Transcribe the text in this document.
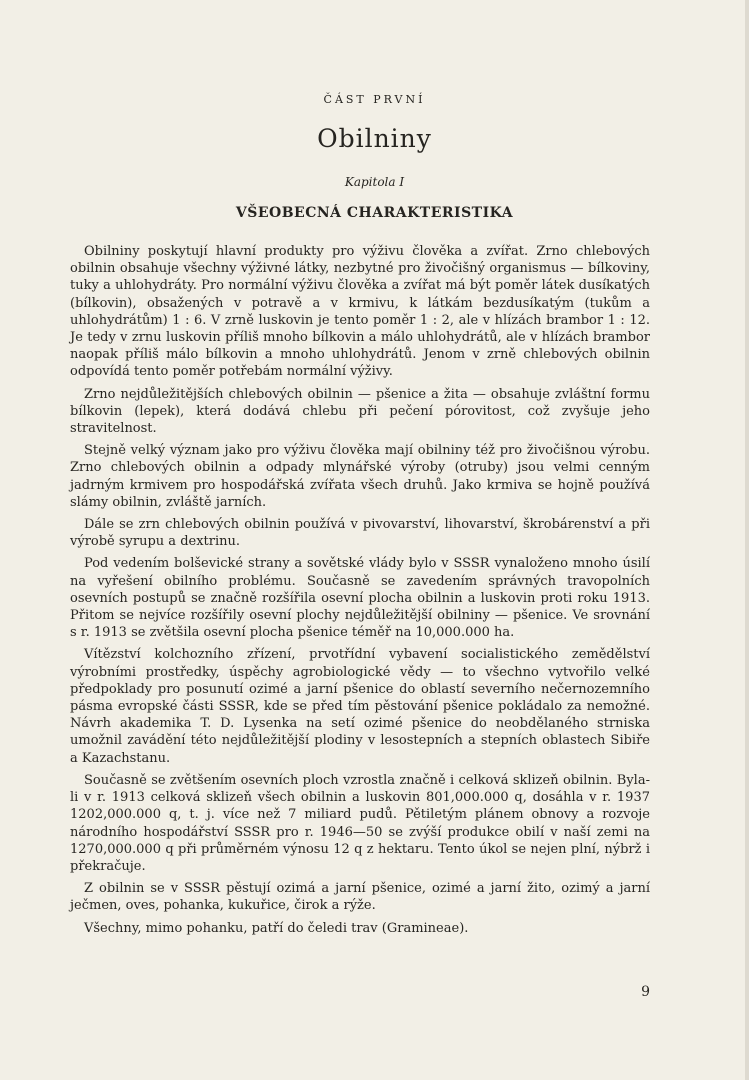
ČÁST PRVNÍ
Obilniny
Kapitola I
VŠEOBECNÁ CHARAKTERISTIKA

Obilniny poskytují hlavní produkty pro výživu člověka a zvířat. Zrno chlebových obilnin obsahuje všechny výživné látky, nezbytné pro živočišný organismus — bílkoviny, tuky a uhlohydráty. Pro normální výživu člověka a zvířat má být poměr látek dusíkatých (bílkovin), obsažených v potravě a v krmivu, k látkám bezdusíkatým (tukům a uhlohydrátům) 1 : 6. V zrně luskovin je tento poměr 1 : 2, ale v hlízách brambor 1 : 12. Je tedy v zrnu luskovin příliš mnoho bílkovin a málo uhlohydrátů, ale v hlízách brambor naopak příliš málo bílkovin a mnoho uhlohydrátů. Jenom v zrně chlebových obilnin odpovídá tento poměr potřebám normální výživy.

Zrno nejdůležitějších chlebových obilnin — pšenice a žita — obsahuje zvláštní formu bílkovin (lepek), která dodává chlebu při pečení pórovitost, což zvyšuje jeho stravitelnost.

Stejně velký význam jako pro výživu člověka mají obilniny též pro živočišnou výrobu. Zrno chlebových obilnin a odpady mlynářské výroby (otruby) jsou velmi cenným jadrným krmivem pro hospodářská zvířata všech druhů. Jako krmiva se hojně používá slámy obilnin, zvláště jarních.

Dále se zrn chlebových obilnin používá v pivovarství, lihovarství, škrobárenství a při výrobě syrupu a dextrinu.

Pod vedením bolševické strany a sovětské vlády bylo v SSSR vynaloženo mnoho úsilí na vyřešení obilního problému. Současně se zavedením správných travopolních osevních postupů se značně rozšířila osevní plocha obilnin a luskovin proti roku 1913. Přitom se nejvíce rozšířily osevní plochy nejdůležitější obilniny — pšenice. Ve srovnání s r. 1913 se zvětšila osevní plocha pšenice téměř na 10,000.000 ha.

Vítězství kolchozního zřízení, prvotřídní vybavení socialistického zemědělství výrobními prostředky, úspěchy agrobiologické vědy — to všechno vytvořilo velké předpoklady pro posunutí ozimé a jarní pšenice do oblastí severního nečernozemního pásma evropské části SSSR, kde se před tím pěstování pšenice pokládalo za nemožné. Návrh akademika T. D. Lysenka na setí ozimé pšenice do neobdělaného strniska umožnil zavádění této nejdůležitější plodiny v lesostepních a stepních oblastech Sibiře a Kazachstanu.

Současně se zvětšením osevních ploch vzrostla značně i celková sklizeň obilnin. Byla-li v r. 1913 celková sklizeň všech obilnin a luskovin 801,000.000 q, dosáhla v r. 1937 1202,000.000 q, t. j. více než 7 miliard pudů. Pětiletým plánem obnovy a rozvoje národního hospodářství SSSR pro r. 1946—50 se zvýší produkce obilí v naší zemi na 1270,000.000 q při průměrném výnosu 12 q z hektaru. Tento úkol se nejen plní, nýbrž i překračuje.

Z obilnin se v SSSR pěstují ozimá a jarní pšenice, ozimé a jarní žito, ozimý a jarní ječmen, oves, pohanka, kukuřice, čirok a rýže.

Všechny, mimo pohanku, patří do čeledi trav (Gramineae).

9
